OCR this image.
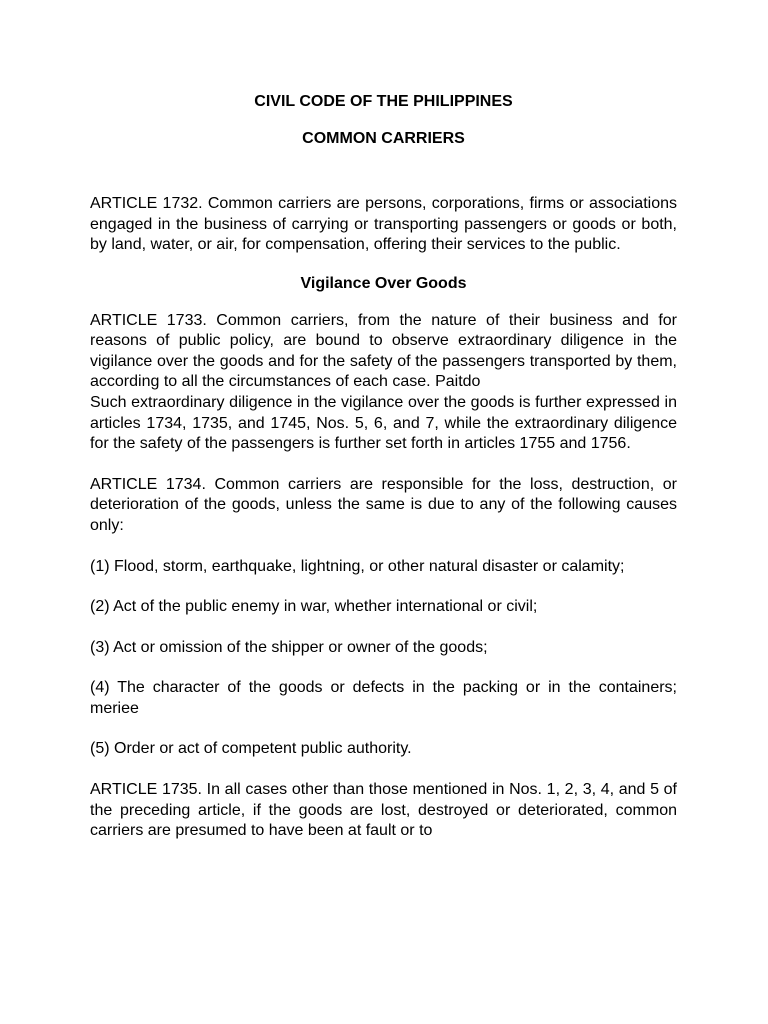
CIVIL CODE OF THE PHILIPPINES
COMMON CARRIERS

ARTICLE 1732. Common carriers are persons, corporations, firms or associations engaged in the business of carrying or transporting passengers or goods or both, by land, water, or air, for compensation, offering their services to the public.

Vigilance Over Goods

ARTICLE 1733. Common carriers, from the nature of their business and for reasons of public policy, are bound to observe extraordinary diligence in the vigilance over the goods and for the safety of the passengers transported by them, according to all the circumstances of each case. Paitdo

Such extraordinary diligence in the vigilance over the goods is further expressed in articles 1734, 1735, and 1745, Nos. 5, 6, and 7, while the extraordinary diligence for the safety of the passengers is further set forth in articles 1755 and 1756.

ARTICLE 1734. Common carriers are responsible for the loss, destruction, or deterioration of the goods, unless the same is due to any of the following causes only:

(1) Flood, storm, earthquake, lightning, or other natural disaster or calamity;

(2) Act of the public enemy in war, whether international or civil;

(3) Act or omission of the shipper or owner of the goods;

(4) The character of the goods or defects in the packing or in the containers; meriee

(5) Order or act of competent public authority.

ARTICLE 1735. In all cases other than those mentioned in Nos. 1, 2, 3, 4, and 5 of the preceding article, if the goods are lost, destroyed or deteriorated, common carriers are presumed to have been at fault or to
